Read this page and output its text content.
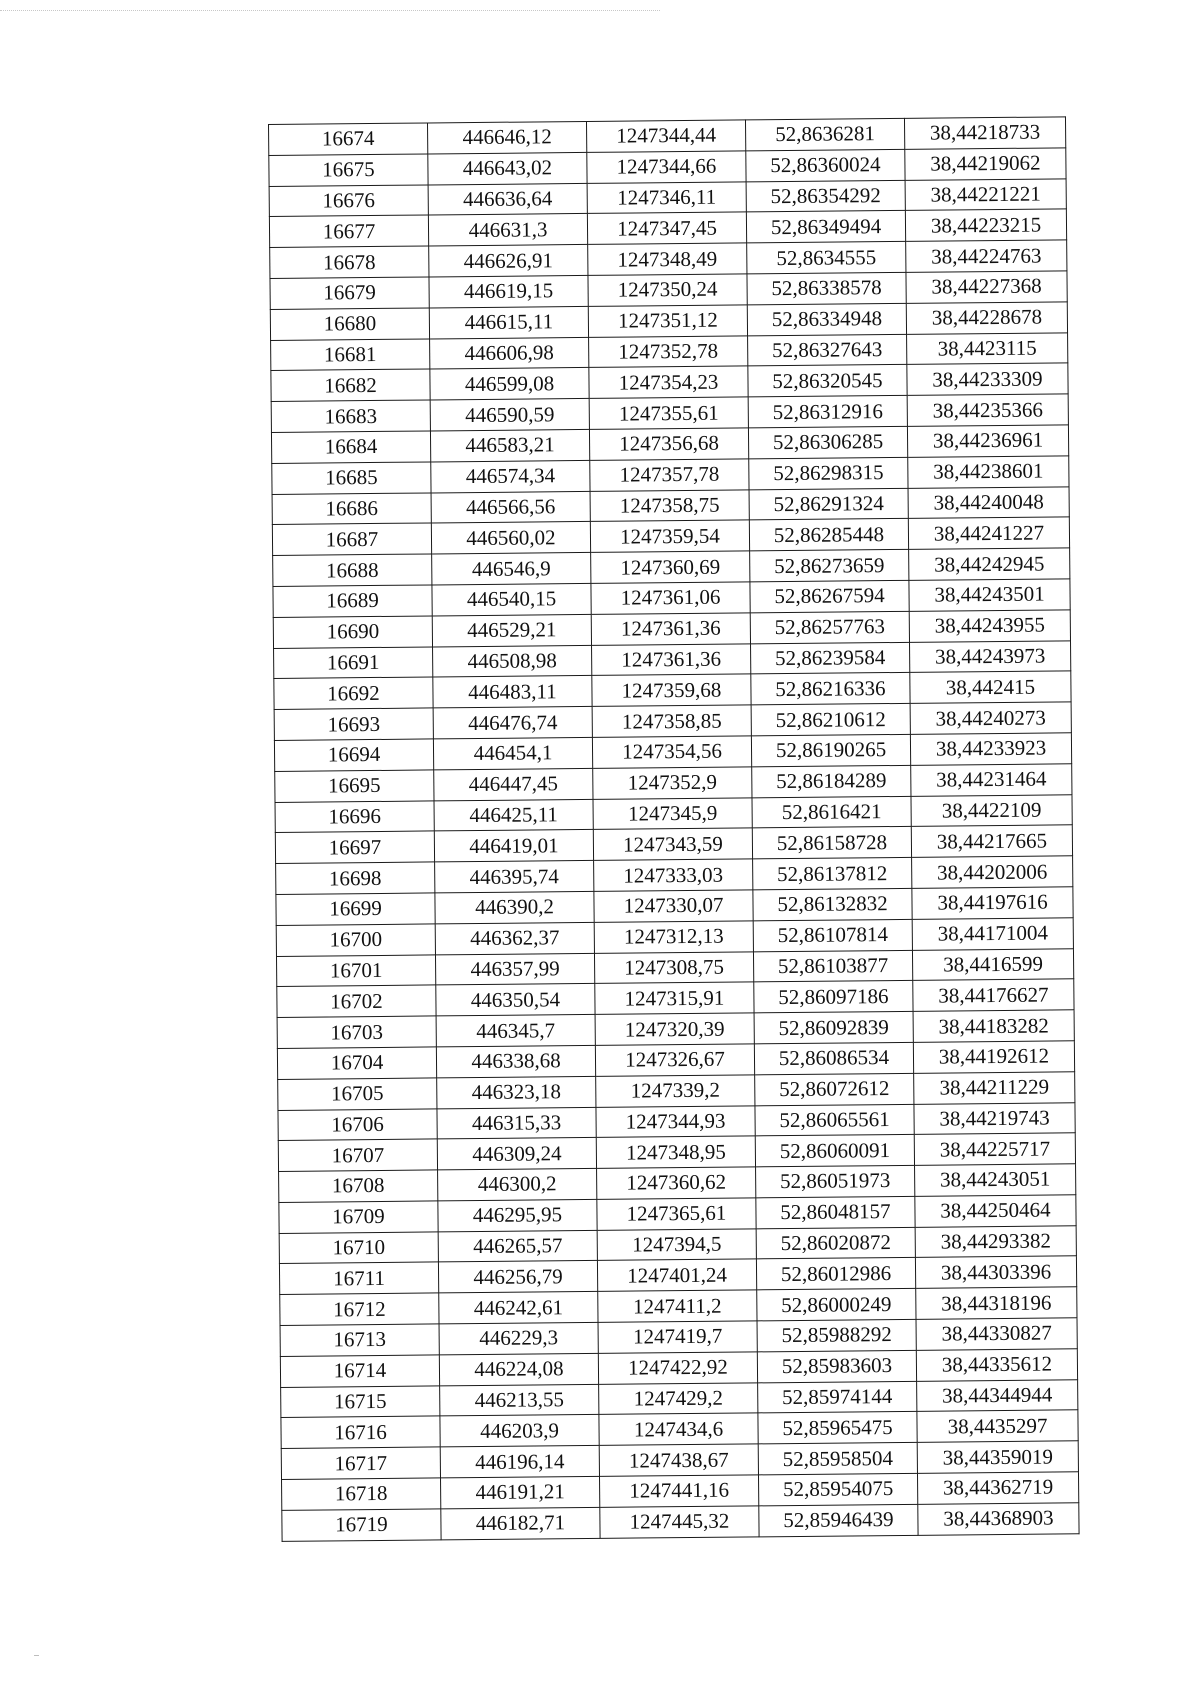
16674	446646,12	1247344,44	52,8636281	38,44218733
16675	446643,02	1247344,66	52,86360024	38,44219062
16676	446636,64	1247346,11	52,86354292	38,44221221
16677	446631,3	1247347,45	52,86349494	38,44223215
16678	446626,91	1247348,49	52,8634555	38,44224763
16679	446619,15	1247350,24	52,86338578	38,44227368
16680	446615,11	1247351,12	52,86334948	38,44228678
16681	446606,98	1247352,78	52,86327643	38,4423115
16682	446599,08	1247354,23	52,86320545	38,44233309
16683	446590,59	1247355,61	52,86312916	38,44235366
16684	446583,21	1247356,68	52,86306285	38,44236961
16685	446574,34	1247357,78	52,86298315	38,44238601
16686	446566,56	1247358,75	52,86291324	38,44240048
16687	446560,02	1247359,54	52,86285448	38,44241227
16688	446546,9	1247360,69	52,86273659	38,44242945
16689	446540,15	1247361,06	52,86267594	38,44243501
16690	446529,21	1247361,36	52,86257763	38,44243955
16691	446508,98	1247361,36	52,86239584	38,44243973
16692	446483,11	1247359,68	52,86216336	38,442415
16693	446476,74	1247358,85	52,86210612	38,44240273
16694	446454,1	1247354,56	52,86190265	38,44233923
16695	446447,45	1247352,9	52,86184289	38,44231464
16696	446425,11	1247345,9	52,8616421	38,4422109
16697	446419,01	1247343,59	52,86158728	38,44217665
16698	446395,74	1247333,03	52,86137812	38,44202006
16699	446390,2	1247330,07	52,86132832	38,44197616
16700	446362,37	1247312,13	52,86107814	38,44171004
16701	446357,99	1247308,75	52,86103877	38,4416599
16702	446350,54	1247315,91	52,86097186	38,44176627
16703	446345,7	1247320,39	52,86092839	38,44183282
16704	446338,68	1247326,67	52,86086534	38,44192612
16705	446323,18	1247339,2	52,86072612	38,44211229
16706	446315,33	1247344,93	52,86065561	38,44219743
16707	446309,24	1247348,95	52,86060091	38,44225717
16708	446300,2	1247360,62	52,86051973	38,44243051
16709	446295,95	1247365,61	52,86048157	38,44250464
16710	446265,57	1247394,5	52,86020872	38,44293382
16711	446256,79	1247401,24	52,86012986	38,44303396
16712	446242,61	1247411,2	52,86000249	38,44318196
16713	446229,3	1247419,7	52,85988292	38,44330827
16714	446224,08	1247422,92	52,85983603	38,44335612
16715	446213,55	1247429,2	52,85974144	38,44344944
16716	446203,9	1247434,6	52,85965475	38,4435297
16717	446196,14	1247438,67	52,85958504	38,44359019
16718	446191,21	1247441,16	52,85954075	38,44362719
16719	446182,71	1247445,32	52,85946439	38,44368903
